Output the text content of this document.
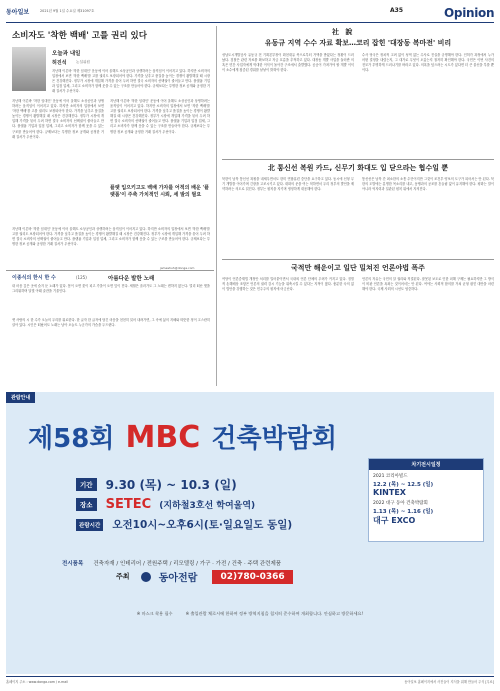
동아일보	2021년 9월 1일 수요일 제31097호	A35	Opinion
소비자도 '착한 백배' 고를 권리 있다
오늘과 내일
허진석	논설위원
지난해 이른바 '착한 임대인' 운동에 이어 올해도 소상공인과 상생하려는 움직임이 이어지고 있다. 하지만 소비자의 입장에서 보면 '착한 백배'를 고를 권리도 보장되어야 한다. 가격을 낮추고 품질을 높이는 경쟁이 활발해질 때 시장은 건강해진다. 정부가 시장에 개입해 가격을 묶어 두려 하면 결국 소비자의 선택권이 줄어들고 만다. 플랫폼 기업과 입점 업체, 그리고 소비자가 함께 웃을 수 있는 구조를 만들어야 한다. 규제보다는 투명한 정보 공개와 공정한 거래 질서가 우선이다.
지난해 이른바 '착한 임대인' 운동에 이어 올해도 소상공인과 상생하려는 움직임이 이어지고 있다. 하지만 소비자의 입장에서 보면 '착한 백배'를 고를 권리도 보장되어야 한다. 가격을 낮추고 품질을 높이는 경쟁이 활발해질 때 시장은 건강해진다. 정부가 시장에 개입해 가격을 묶어 두려 하면 결국 소비자의 선택권이 줄어들고 만다. 플랫폼 기업과 입점 업체, 그리고 소비자가 함께 웃을 수 있는 구조를 만들어야 한다. 규제보다는 투명한 정보 공개와 공정한 거래 질서가 우선이다.
지난해 이른바 '착한 임대인' 운동에 이어 올해도 소상공인과 상생하려는 움직임이 이어지고 있다. 하지만 소비자의 입장에서 보면 '착한 백배'를 고를 권리도 보장되어야 한다. 가격을 낮추고 품질을 높이는 경쟁이 활발해질 때 시장은 건강해진다. 정부가 시장에 개입해 가격을 묶어 두려 하면 결국 소비자의 선택권이 줄어들고 만다. 플랫폼 기업과 입점 업체, 그리고 소비자가 함께 웃을 수 있는 구조를 만들어야 한다. 규제보다는 투명한 정보 공개와 공정한 거래 질서가 우선이다.
플랫 입으키고도 백배 가자를 어적의 배운 '플랫폼'이 주축 가치적인 시뢰, 세 발의 필요
지난해 이른바 '착한 임대인' 운동에 이어 올해도 소상공인과 상생하려는 움직임이 이어지고 있다. 하지만 소비자의 입장에서 보면 '착한 백배'를 고를 권리도 보장되어야 한다. 가격을 낮추고 품질을 높이는 경쟁이 활발해질 때 시장은 건강해진다. 정부가 시장에 개입해 가격을 묶어 두려 하면 결국 소비자의 선택권이 줄어들고 만다. 플랫폼 기업과 입점 업체, 그리고 소비자가 함께 웃을 수 있는 구조를 만들어야 한다. 규제보다는 투명한 정보 공개와 공정한 거래 질서가 우선이다.
jameshuh@donga.com
이종식의 한시 한 수	(125)	아름다운 발한 노래
내 마음 깊은 곳에 숨겨 둔 노래가 있다. 봄이 오면 꽃이 피고 가을이 오면 잎이 진다. 세월은 흘러가도 그 노래는 변하지 않는다. 멀리 떠난 벗을 그리워하며 달빛 아래 술잔을 기울인다.
옛 사람의 시 한 수가 오늘의 우리를 위로한다. 한 글자 한 글자에 담긴 마음을 천천히 읽어 내려가면, 그 속에 삶의 지혜와 따뜻한 정이 고스란히 살아 있다. 시인은 떠났어도 노래는 남아 오늘도 누군가의 가슴을 두드린다.
社 說
유동규 지역 수수 자료 확보…코리 잡힌 '대장동 복마전' 비리
성남도시개발공사 유동규 전 기획본부장이 화천대유 측으로부터 거액을 받았다는 정황이 드러났다. 검찰은 관련 자료를 확보하고 자금 흐름을 추적하고 있다. 대장동 개발 사업을 둘러싼 의혹은 민간 사업자에게 막대한 이익이 돌아간 구조에서 출발했다. 공공이 가져가야 할 개발 이익이 소수에게 집중된 경위를 낱낱이 밝혀야 한다.
수사 당국은 정치적 고려 없이 성역 없는 수사로 진실을 규명해야 한다. 인허가 과정에서 누가 어떤 결정을 내렸는지, 그 대가로 무엇이 오갔는지 철저히 확인해야 한다. 국민은 이번 사건의 전모가 투명하게 드러나기를 바라고 있다. 의혹을 덮으려는 시도가 있다면 더 큰 불신을 부를 뿐이다.
北 통신선 복원 카드, 신무기 화대도 입 닫으라는 협수일 뿐
북한이 남북 통신선 복원을 내세우면서도 한미 연합훈련 중단을 요구하고 있다. 동시에 신형 무기 개발을 이어가며 긴장을 고조시키고 있다. 대화의 문을 여는 척하면서 우리 정부의 발언을 제약하려는 의도로 읽힌다. 정부는 원칙을 지키며 냉정하게 대응해야 한다.
통신선은 남북 간 최소한의 소통 수단이지만 그것이 조건부 양보의 도구가 되어서는 안 된다. 북한의 도발에는 분명한 목소리를 내고, 동맹과의 공조를 흔들림 없이 유지해야 한다. 평화는 말이 아니라 억지력과 일관된 원칙 위에서 지켜진다.
국적만 해운이고 일단 밀쳐진 언론야법 폭주
여당이 언론중재법 개정안 처리를 밀어붙이면서 국내외 언론 단체의 우려가 커지고 있다. 징벌적 손해배상 조항은 언론의 권력 감시 기능을 위축시킬 수 있다는 지적이 많다. 충분한 숙의 없이 법안을 강행하는 것은 민주주의 원칙에 어긋난다.
언론의 자유는 국민의 알 권리와 직결된다. 잘못된 보도로 인한 피해 구제는 필요하지만 그 방식이 비판 언론을 옥죄는 것이어서는 안 된다. 여야는 사회적 합의를 거쳐 균형 잡힌 대안을 마련해야 한다. 국제 사회의 시선도 엄중하다.
관람안내
제58회 MBC 건축박람회
기간 9.30 (목) ~ 10.3 (일)
장소 SETEC (지하철3호선 학여울역)
관람시간 오전10시~오후6시(토·일요일도 동일)
차기전시일정
2021 코리아빌드
12.2 (목) ~ 12.5 (일)
KINTEX
2022 대구 동아 건축박람회
1.13 (목) ~ 1.16 (일)
대구 EXCO
전시품목 건축자재 / 인테리어 / 전원주택 / 리모델링 / 가구 · 가전 / 건축 · 주택 관련제품
주최	동아전람	02)780-0366
※ 마스크 착용 필수	※ 출입관람 체로시에 한하여 정부 방역지침을 철저히 준수하여 개최합니다. 안심하고 방문하세요!
홈페이지 주소 : www.donga.com / e-mail	동아일보 홈페이지에서 사진들이 지식을 위해 만들어 주식 [무료]
